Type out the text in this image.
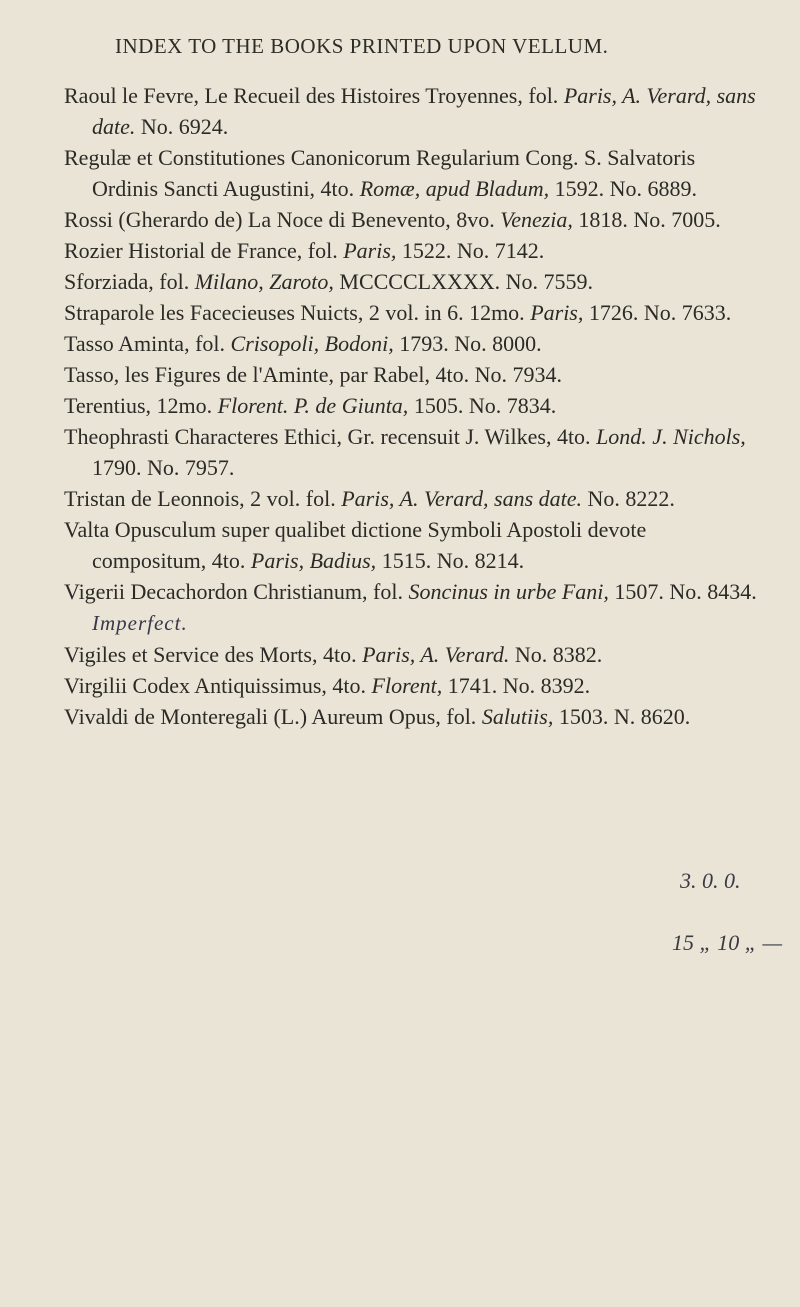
INDEX TO THE BOOKS PRINTED UPON VELLUM.

Raoul le Fevre, Le Recueil des Histoires Troyennes, fol. Paris, A. Verard, sans date. No. 6924.

Regulæ et Constitutiones Canonicorum Regularium Cong. S. Salvatoris Ordinis Sancti Augustini, 4to. Romæ, apud Bladum, 1592. No. 6889.

Rossi (Gherardo de) La Noce di Benevento, 8vo. Venezia, 1818. No. 7005.

Rozier Historial de France, fol. Paris, 1522. No. 7142.

Sforziada, fol. Milano, Zaroto, MCCCCLXXXX. No. 7559.

Straparole les Facecieuses Nuicts, 2 vol. in 6. 12mo. Paris, 1726. No. 7633.

Tasso Aminta, fol. Crisopoli, Bodoni, 1793. No. 8000.

Tasso, les Figures de l'Aminte, par Rabel, 4to. No. 7934.

Terentius, 12mo. Florent. P. de Giunta, 1505. No. 7834.

Theophrasti Characteres Ethici, Gr. recensuit J. Wilkes, 4to. Lond. J. Nichols, 1790. No. 7957.

Tristan de Leonnois, 2 vol. fol. Paris, A. Verard, sans date. No. 8222.

Valta Opusculum super qualibet dictione Symboli Apostoli devote compositum, 4to. Paris, Badius, 1515. No. 8214.

Vigerii Decachordon Christianum, fol. Soncinus in urbe Fani, 1507. No. 8434. Imperfect.

Vigiles et Service des Morts, 4to. Paris, A. Verard. No. 8382.

Virgilii Codex Antiquissimus, 4to. Florent, 1741. No. 8392.

Vivaldi de Monteregali (L.) Aureum Opus, fol. Salutiis, 1503. N. 8620.

3. 0. 0.
15 „ 10 „ —
